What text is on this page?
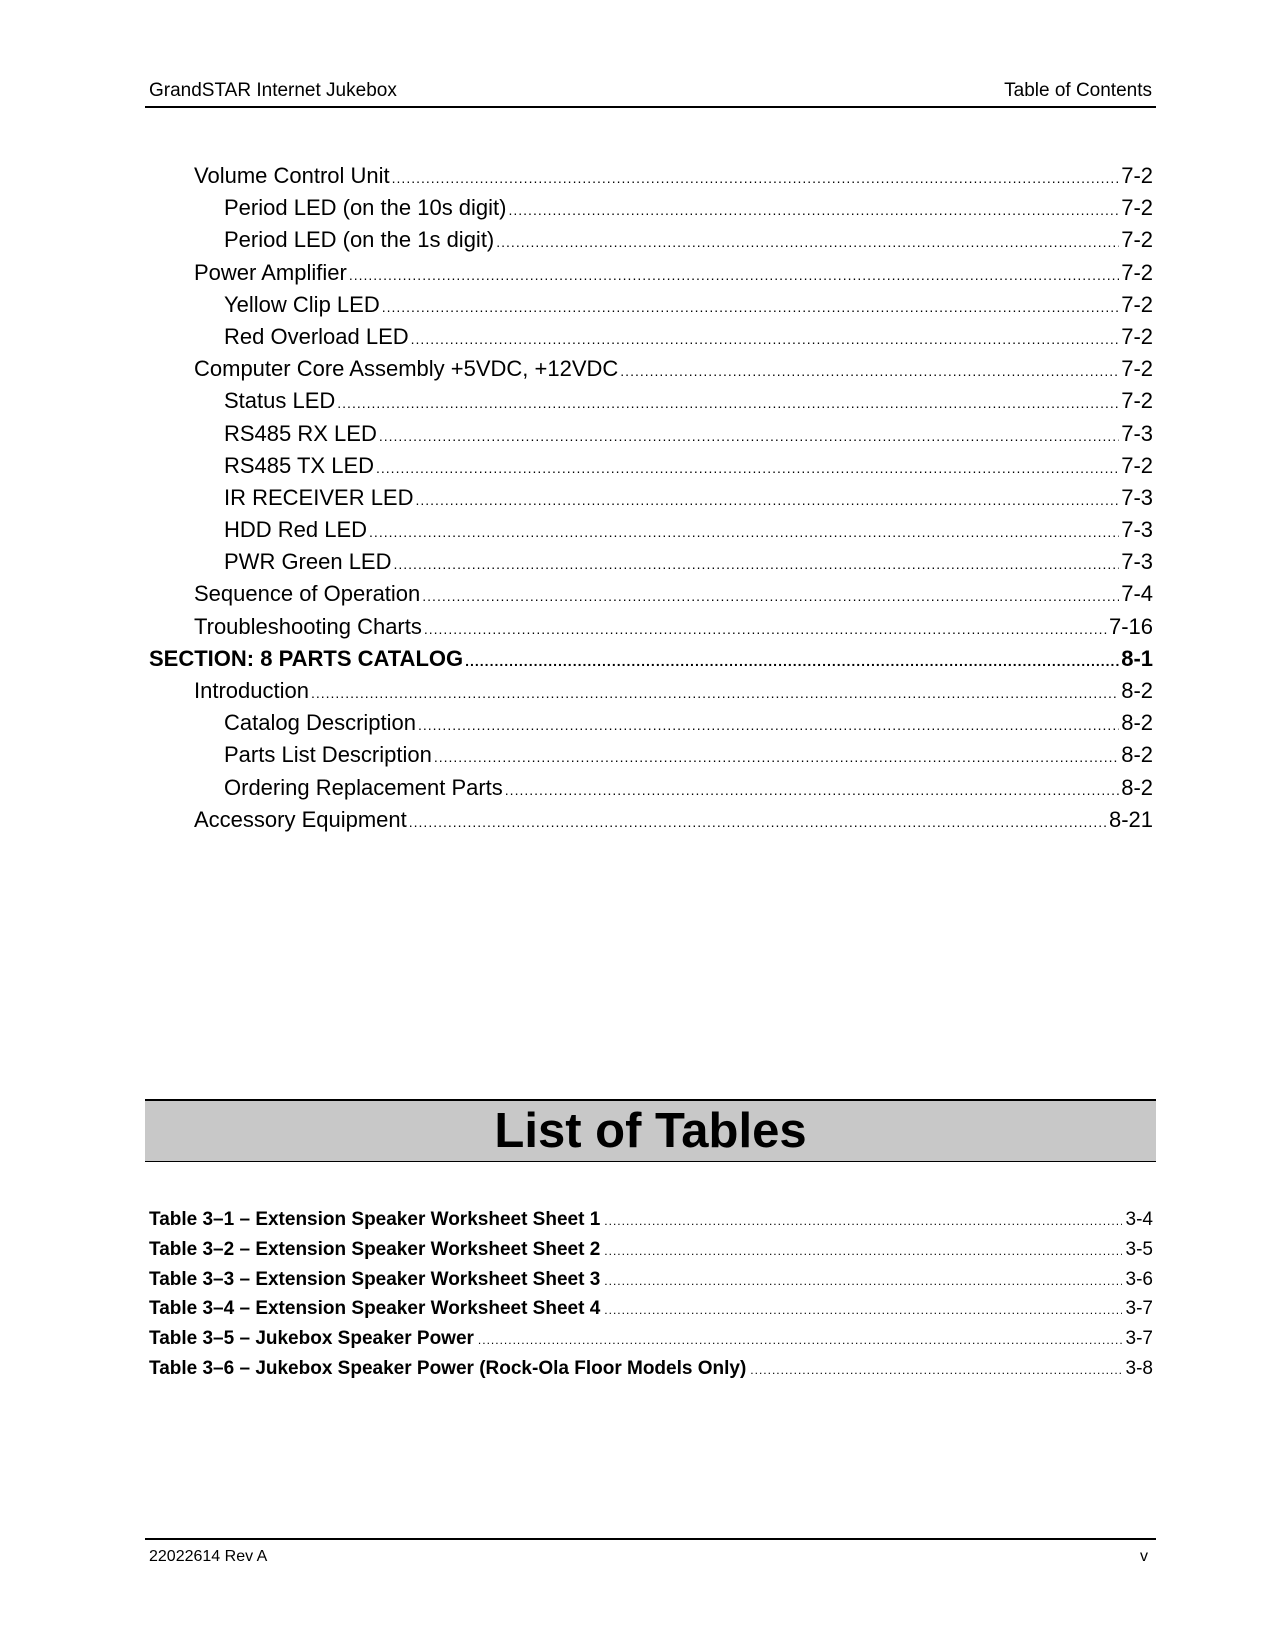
GrandSTAR Internet Jukebox	Table of Contents
Volume Control Unit .....	7-2
Period LED (on the 10s digit) .....	7-2
Period LED (on the 1s digit) .....	7-2
Power Amplifier .....	7-2
Yellow Clip LED .....	7-2
Red Overload LED .....	7-2
Computer Core Assembly +5VDC, +12VDC .....	7-2
Status LED .....	7-2
RS485 RX LED .....	7-3
RS485 TX LED .....	7-2
IR RECEIVER LED .....	7-3
HDD Red LED .....	7-3
PWR Green LED .....	7-3
Sequence of Operation .....	7-4
Troubleshooting Charts .....	7-16
SECTION: 8 PARTS CATALOG .....	8-1
Introduction .....	8-2
Catalog Description .....	8-2
Parts List Description .....	8-2
Ordering Replacement Parts .....	8-2
Accessory Equipment .....	8-21
List of Tables
Table 3–1 – Extension Speaker Worksheet Sheet 1 .....	3-4
Table 3–2 – Extension Speaker Worksheet Sheet 2 .....	3-5
Table 3–3 – Extension Speaker Worksheet Sheet 3 .....	3-6
Table 3–4 – Extension Speaker Worksheet Sheet 4 .....	3-7
Table 3–5 – Jukebox Speaker Power .....	3-7
Table 3–6 – Jukebox Speaker Power (Rock-Ola Floor Models Only) .....	3-8
22022614 Rev A	v
